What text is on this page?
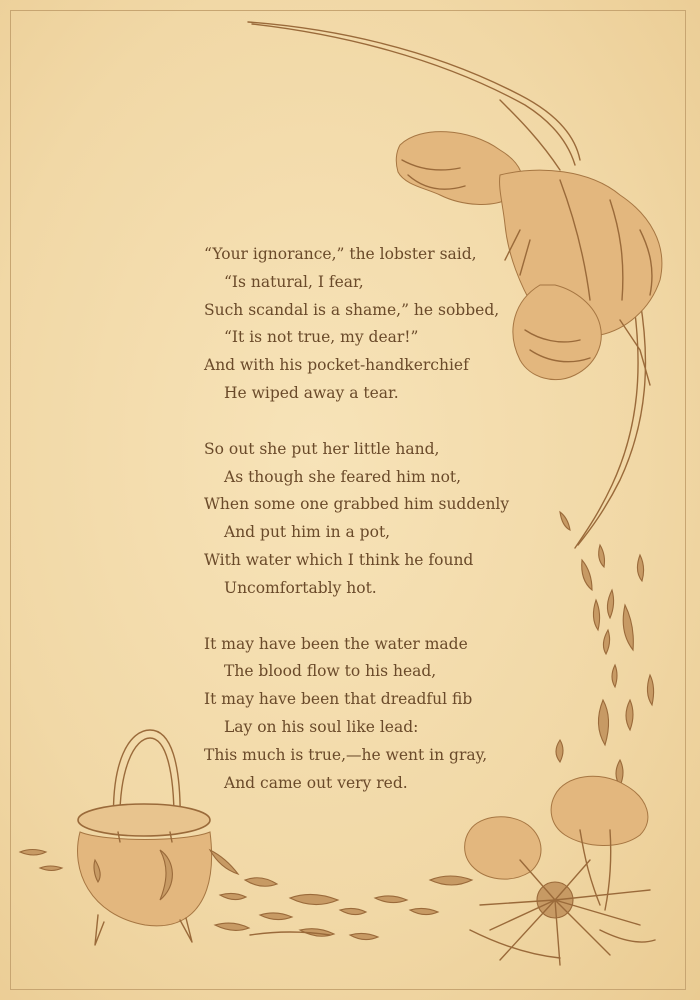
“Your ignorance,” the lobster said,
“Is natural, I fear,
Such scandal is a shame,” he sobbed,
“It is not true, my dear!”
And with his pocket-handkerchief
He wiped away a tear.
So out she put her little hand,
As though she feared him not,
When some one grabbed him suddenly
And put him in a pot,
With water which I think he found
Uncomfortably hot.
It may have been the water made
The blood flow to his head,
It may have been that dreadful fib
Lay on his soul like lead:
This much is true,—he went in gray,
And came out very red.
